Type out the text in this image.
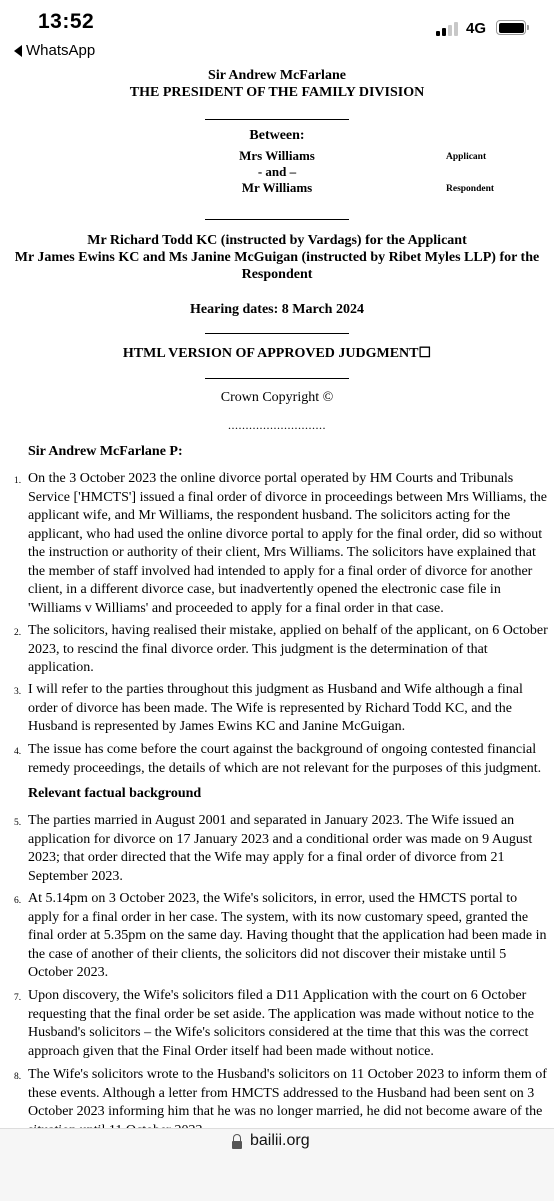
13:52
WhatsApp
4G
Sir Andrew McFarlane
THE PRESIDENT OF THE FAMILY DIVISION
Between:
Mrs Williams	Applicant
- and –
Mr Williams	Respondent
Mr Richard Todd KC (instructed by Vardags) for the Applicant
Mr James Ewins KC and Ms Janine McGuigan (instructed by Ribet Myles LLP) for the Respondent
Hearing dates: 8 March 2024
HTML VERSION OF APPROVED JUDGMENT☐
Crown Copyright ©
............................
Sir Andrew McFarlane P:
1. On the 3 October 2023 the online divorce portal operated by HM Courts and Tribunals Service ['HMCTS'] issued a final order of divorce in proceedings between Mrs Williams, the applicant wife, and Mr Williams, the respondent husband. The solicitors acting for the applicant, who had used the online divorce portal to apply for the final order, did so without the instruction or authority of their client, Mrs Williams. The solicitors have explained that the member of staff involved had intended to apply for a final order of divorce for another client, in a different divorce case, but inadvertently opened the electronic case file in 'Williams v Williams' and proceeded to apply for a final order in that case.
2. The solicitors, having realised their mistake, applied on behalf of the applicant, on 6 October 2023, to rescind the final divorce order. This judgment is the determination of that application.
3. I will refer to the parties throughout this judgment as Husband and Wife although a final order of divorce has been made. The Wife is represented by Richard Todd KC, and the Husband is represented by James Ewins KC and Janine McGuigan.
4. The issue has come before the court against the background of ongoing contested financial remedy proceedings, the details of which are not relevant for the purposes of this judgment.
Relevant factual background
5. The parties married in August 2001 and separated in January 2023. The Wife issued an application for divorce on 17 January 2023 and a conditional order was made on 9 August 2023; that order directed that the Wife may apply for a final order of divorce from 21 September 2023.
6. At 5.14pm on 3 October 2023, the Wife's solicitors, in error, used the HMCTS portal to apply for a final order in her case. The system, with its now customary speed, granted the final order at 5.35pm on the same day. Having thought that the application had been made in the case of another of their clients, the solicitors did not discover their mistake until 5 October 2023.
7. Upon discovery, the Wife's solicitors filed a D11 Application with the court on 6 October requesting that the final order be set aside. The application was made without notice to the Husband's solicitors – the Wife's solicitors considered at the time that this was the correct approach given that the Final Order itself had been made without notice.
8. The Wife's solicitors wrote to the Husband's solicitors on 11 October 2023 to inform them of these events. Although a letter from HMCTS addressed to the Husband had been sent on 3 October 2023 informing him that he was no longer married, he did not become aware of the
bailii.org
